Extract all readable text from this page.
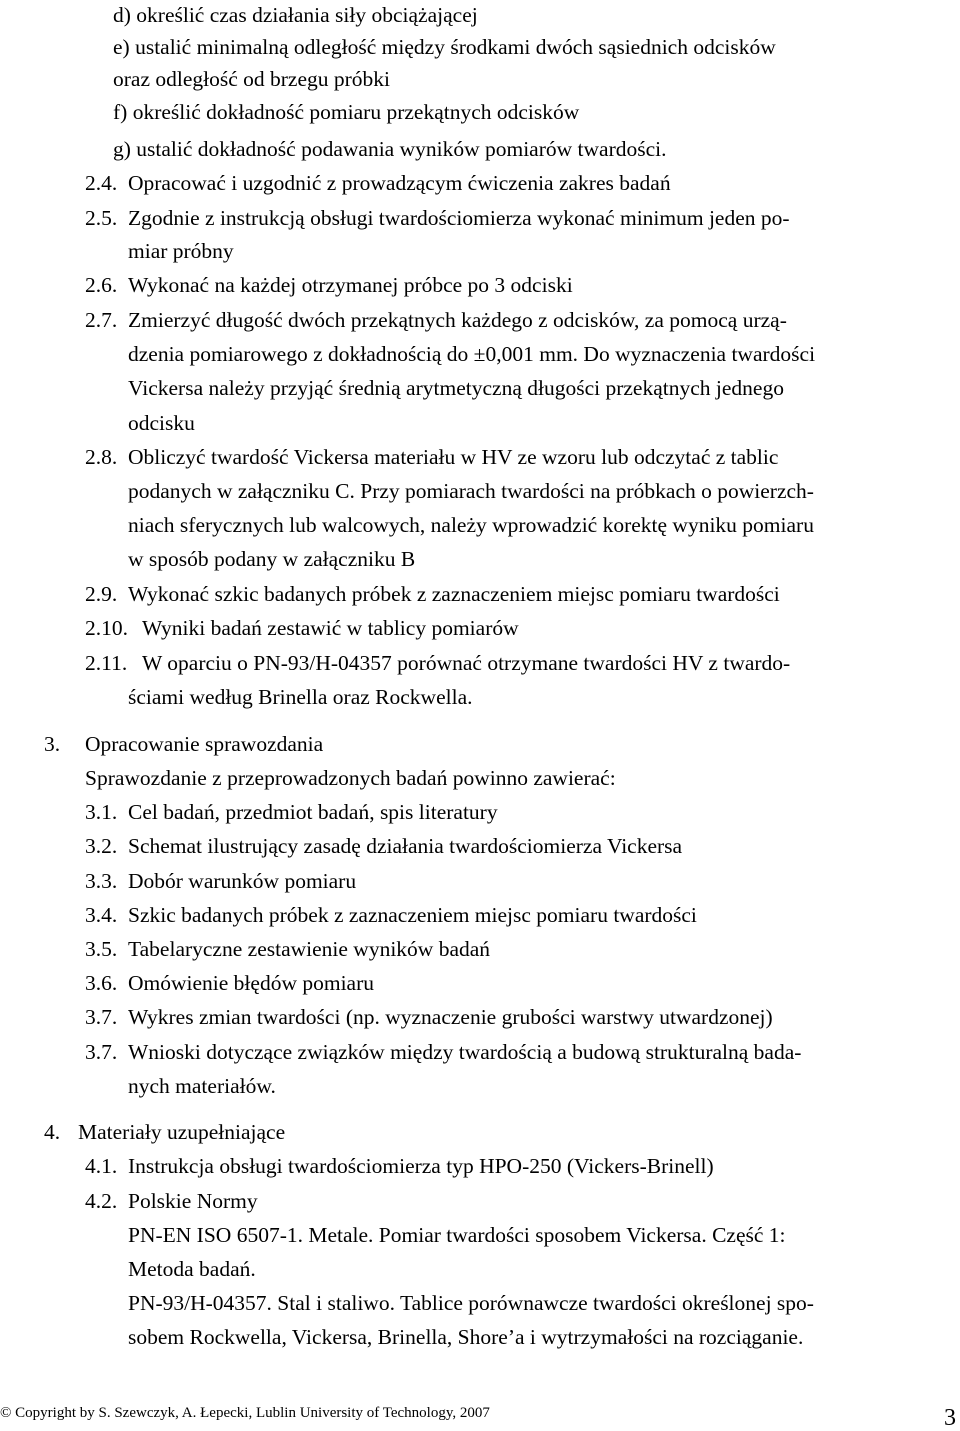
d) określić czas działania siły obciążającej
e) ustalić minimalną odległość między środkami dwóch sąsiednich odcisków
oraz odległość od brzegu próbki
f) określić dokładność pomiaru przekątnych odcisków
g) ustalić dokładność podawania wyników pomiarów twardości.
2.4. Opracować i uzgodnić z prowadzącym ćwiczenia zakres badań
2.5. Zgodnie z instrukcją obsługi twardościomierza wykonać minimum jeden po-
miar próbny
2.6. Wykonać na każdej otrzymanej próbce po 3 odciski
2.7. Zmierzyć długość dwóch przekątnych każdego z odcisków, za pomocą urzą-
dzenia pomiarowego z dokładnością do ±0,001 mm. Do wyznaczenia twardości
Vickersa należy przyjąć średnią arytmetyczną długości przekątnych jednego
odcisku
2.8. Obliczyć twardość Vickersa materiału w HV ze wzoru lub odczytać z tablic
podanych w załączniku C. Przy pomiarach twardości na próbkach o powierzch-
niach sferycznych lub walcowych, należy wprowadzić korektę wyniku pomiaru
w sposób podany w załączniku B
2.9. Wykonać szkic badanych próbek z zaznaczeniem miejsc pomiaru twardości
2.10. Wyniki badań zestawić w tablicy pomiarów
2.11. W oparciu o PN-93/H-04357 porównać otrzymane twardości HV z twardo-
ściami według Brinella oraz Rockwella.
3. Opracowanie sprawozdania
Sprawozdanie z przeprowadzonych badań powinno zawierać:
3.1. Cel badań, przedmiot badań, spis literatury
3.2. Schemat ilustrujący zasadę działania twardościomierza Vickersa
3.3. Dobór warunków pomiaru
3.4. Szkic badanych próbek z zaznaczeniem miejsc pomiaru twardości
3.5. Tabelaryczne zestawienie wyników badań
3.6. Omówienie błędów pomiaru
3.7. Wykres zmian twardości (np. wyznaczenie grubości warstwy utwardzonej)
3.7. Wnioski dotyczące związków między twardością a budową strukturalną bada-
nych materiałów.
4. Materiały uzupełniające
4.1. Instrukcja obsługi twardościomierza typ HPO-250 (Vickers-Brinell)
4.2. Polskie Normy
PN-EN ISO 6507-1. Metale. Pomiar twardości sposobem Vickersa. Część 1:
Metoda badań.
PN-93/H-04357. Stal i staliwo. Tablice porównawcze twardości określonej spo-
sobem Rockwella, Vickersa, Brinella, Shore’a i wytrzymałości na rozciąganie.
© Copyright by S. Szewczyk, A. Łepecki, Lublin University of Technology, 2007	3
